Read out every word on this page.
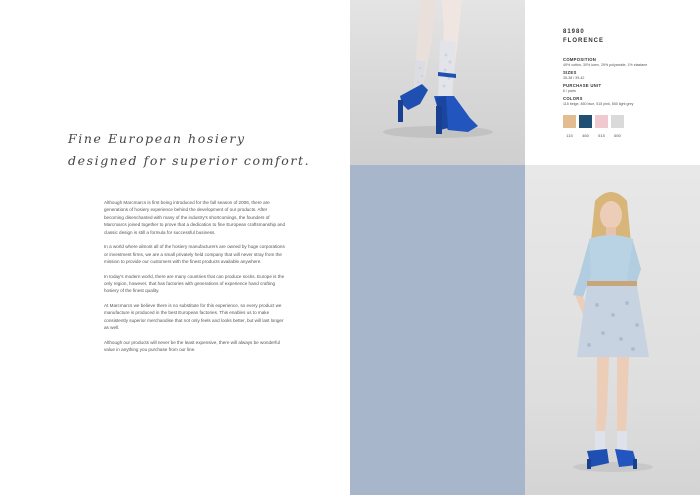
Fine European hosiery
designed for superior comfort.

Although Marcmarcs is first being introduced for the fall season of 2006, there are generations of hosiery experience behind the development of our products. After becoming disenchanted with many of the industry's shortcomings, the founders of Marcmarcs joined together to prove that a dedication to fine European craftsmanship and classic design is still a formula for successful business.

In a world where almost all of the hosiery manufacturers are owned by huge corporations or investment firms, we are a small privately held company that will never stray from the mission to provide our customers with the finest products available anywhere.

In today's modern world, there are many countries that can produce socks. Europe is the only region, however, that has factories with generations of experience hand crafting hosiery of the finest quality.

At Marcmarcs we believe there is no substitute for this experience, so every product we manufacture is produced in the best European factories. This enables us to make consistently superior merchandise that not only feels and looks better, but will last longer as well.

Although our products will never be the least expensive, there will always be wonderful value in anything you purchase from our line.

81980
FLORENCE
COMPOSITION
49% cotton, 30% lurex, 29% polyamide, 1% elastane
SIZES
35-38 / 39-42
PURCHASE UNIT
6 / pairs
COLORS
115 beige, 460 blue, 515 pink, 650 light grey
115	460	515	650
